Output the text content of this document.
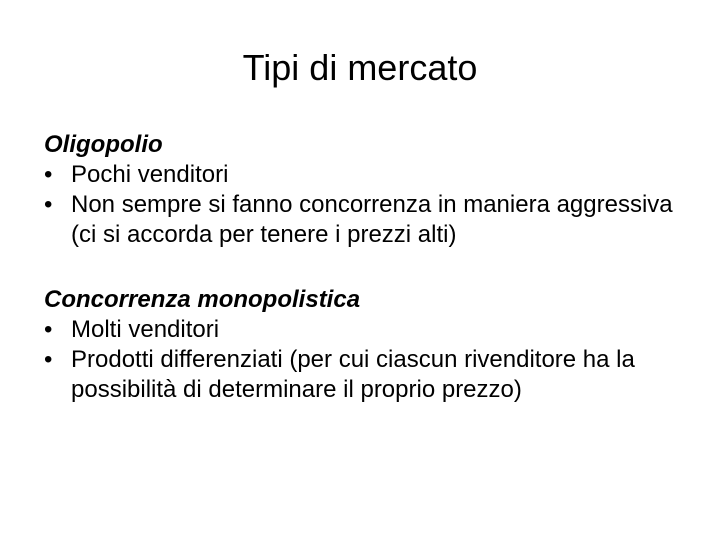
Tipi di mercato
Oligopolio
• Pochi venditori
• Non sempre si fanno concorrenza in maniera aggressiva (ci si accorda per tenere i prezzi alti)
Concorrenza monopolistica
• Molti venditori
• Prodotti differenziati (per cui ciascun rivenditore ha la possibilità di determinare il proprio prezzo)
